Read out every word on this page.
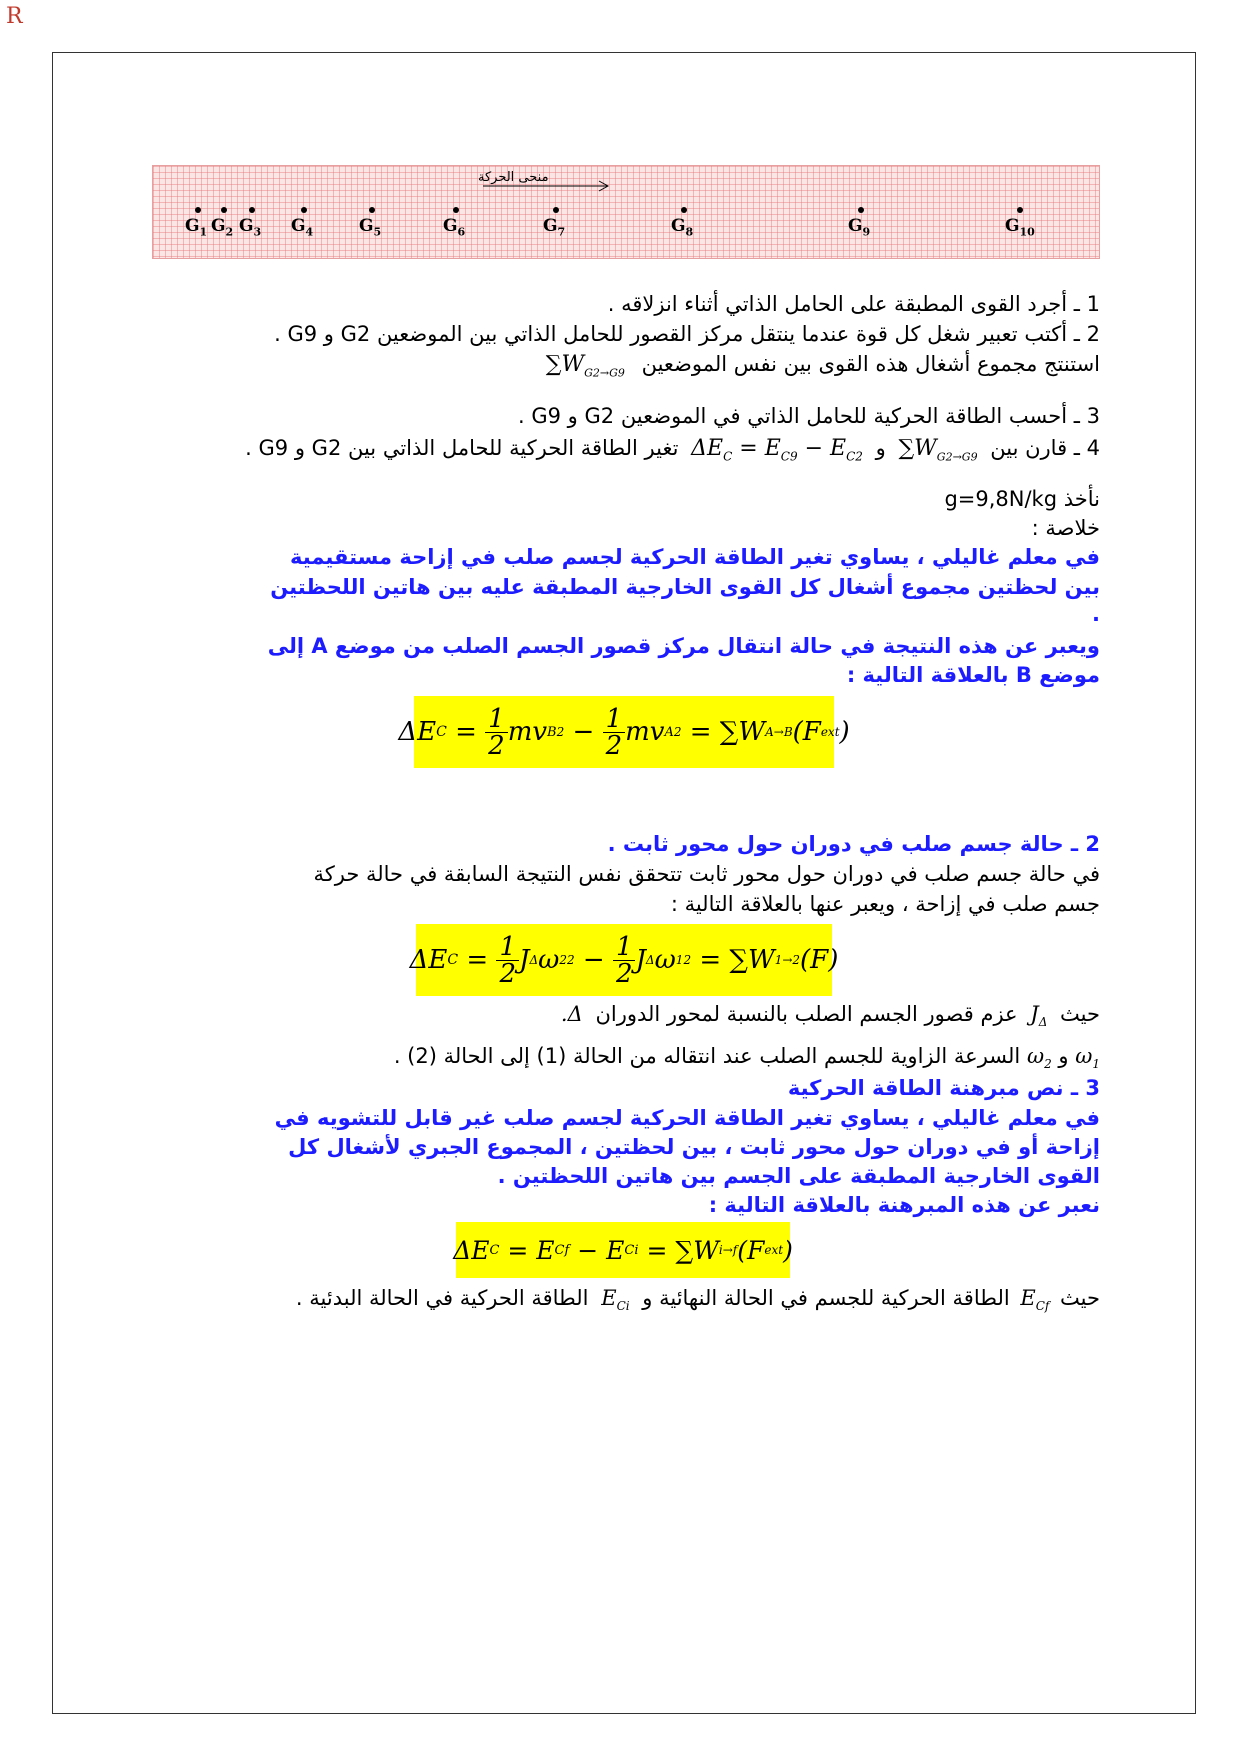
R
منحى الحركة
$G_1$ $G_2$ $G_3$ $G_4$	$G_5$	$G_6$	$G_7$	$G_8$	$G_9$	$G_{10}$
1 ـ أجرد القوى المطبقة على الحامل الذاتي أثناء انزلاقه .
2 ـ أكتب تعبير شغل كل قوة عندما ينتقل مركز القصور للحامل الذاتي بين الموضعين G2 و G9 .
استنتج مجموع أشغال هذه القوى بين نفس الموضعين $\sum W_{G2\to G9}$
3 ـ أحسب الطاقة الحركية للحامل الذاتي في الموضعين G2 و G9 .
4 ـ قارن بين $\sum W_{G2\to G9}$ و $\Delta E_C = E_{C9} - E_{C2}$ تغير الطاقة الحركية للحامل الذاتي بين G2 و G9 .
نأخذ g=9,8N/kg
خلاصة :
في معلم غاليلي ، يساوي تغير الطاقة الحركية لجسم صلب في إزاحة مستقيمية
بين لحظتين مجموع أشغال كل القوى الخارجية المطبقة عليه بين هاتين اللحظتين
.
ويعبر عن هذه النتيجة في حالة انتقال مركز قصور الجسم الصلب من موضع A إلى
موضع B بالعلاقة التالية :
ΔE C = 1
2 mv B 2 − 1
2 mv A 2 = ∑W A→B (F ext )
2 ـ حالة جسم صلب في دوران حول محور ثابت .
في حالة جسم صلب في دوران حول محور ثابت تتحقق نفس النتيجة السابقة في حالة حركة
جسم صلب في إزاحة ، ويعبر عنها بالعلاقة التالية :
ΔE C = 1
2 J Δ ω 2 2 − 1
2 J Δ ω 1 2 = ∑W 1→2 (F)
حيث $J_\Delta$ عزم قصور الجسم الصلب بالنسبة لمحور الدوران Δ.
$\omega_1$ و $\omega_2$ السرعة الزاوية للجسم الصلب عند انتقاله من الحالة (1) إلى الحالة (2) .
3 ـ نص مبرهنة الطاقة الحركية
في معلم غاليلي ، يساوي تغير الطاقة الحركية لجسم صلب غير قابل للتشويه في
إزاحة أو في دوران حول محور ثابت ، بين لحظتين ، المجموع الجبري لأشغال كل
القوى الخارجية المطبقة على الجسم بين هاتين اللحظتين .
نعبر عن هذه المبرهنة بالعلاقة التالية :
ΔE C = E Cf − E Ci = ∑W i→f (F ext )
حيث $E_{Cf}$ الطاقة الحركية للجسم في الحالة النهائية و $E_{Ci}$ الطاقة الحركية في الحالة البدئية .
